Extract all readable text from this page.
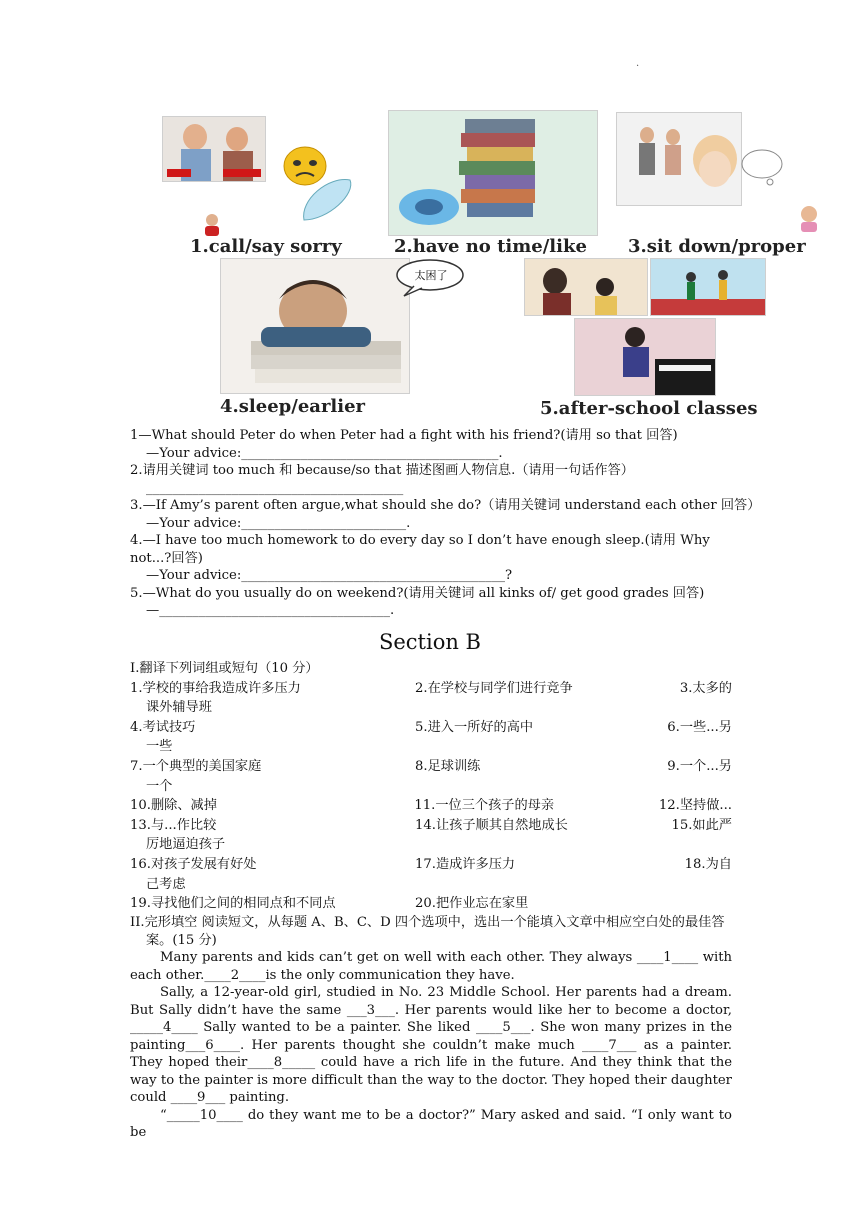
.
1.call/say sorry	2.have no time/like 3.sit down/proper
太困了
4.sleep/earlier	5.after-school classes
1—What should Peter do when Peter had a fight with his friend?(请用 so that 回答)
—Your advice:_______________________________________.
2.请用关键词 too much 和 because/so that 描述图画人物信息.（请用一句话作答）
_______________________________________
3.—If Amy’s parent often argue,what should she do?（请用关键词 understand each other 回答）
—Your advice:_________________________.
4.—I have too much homework to do every day so I don’t have enough sleep.(请用 Why not...?回答)
—Your advice:________________________________________?
5.—What do you usually do on weekend?(请用关键词 all kinks of/ get good grades 回答)
—___________________________________.
Section B
I.翻译下列词组或短句（10 分）
1.学校的事给我造成许多压力	2.在学校与同学们进行竞争	3.太多的
课外辅导班
4.考试技巧	5.进入一所好的高中	6.一些...另
一些
7.一个典型的美国家庭	8.足球训练	9.一个...另
一个
10.删除、减掉	11.一位三个孩子的母亲	12.坚持做...
13.与...作比较	14.让孩子顺其自然地成长	15.如此严
厉地逼迫孩子
16.对孩子发展有好处	17.造成许多压力	18.为自
己考虑
19.寻找他们之间的相同点和不同点	20.把作业忘在家里
II.完形填空 阅读短文，从每题 A、B、C、D 四个选项中，选出一个能填入文章中相应空白处的最佳答案。(15 分)
Many parents and kids can’t get on well with each other. They always ____1____ with each other.____2____is the only communication they have.
Sally, a 12-year-old girl, studied in No. 23 Middle School. Her parents had a dream. But Sally didn’t have the same ___3___. Her parents would like her to become a doctor, _____4____ Sally wanted to be a painter. She liked ____5___. She won many prizes in the painting___6____. Her parents thought she couldn’t make much ____7___ as a painter. They hoped their____8_____ could have a rich life in the future. And they think that the way to the painter is more difficult than the way to the doctor. They hoped their daughter could ____9___ painting.
“_____10____ do they want me to be a doctor?” Mary asked and said. “I only want to be
